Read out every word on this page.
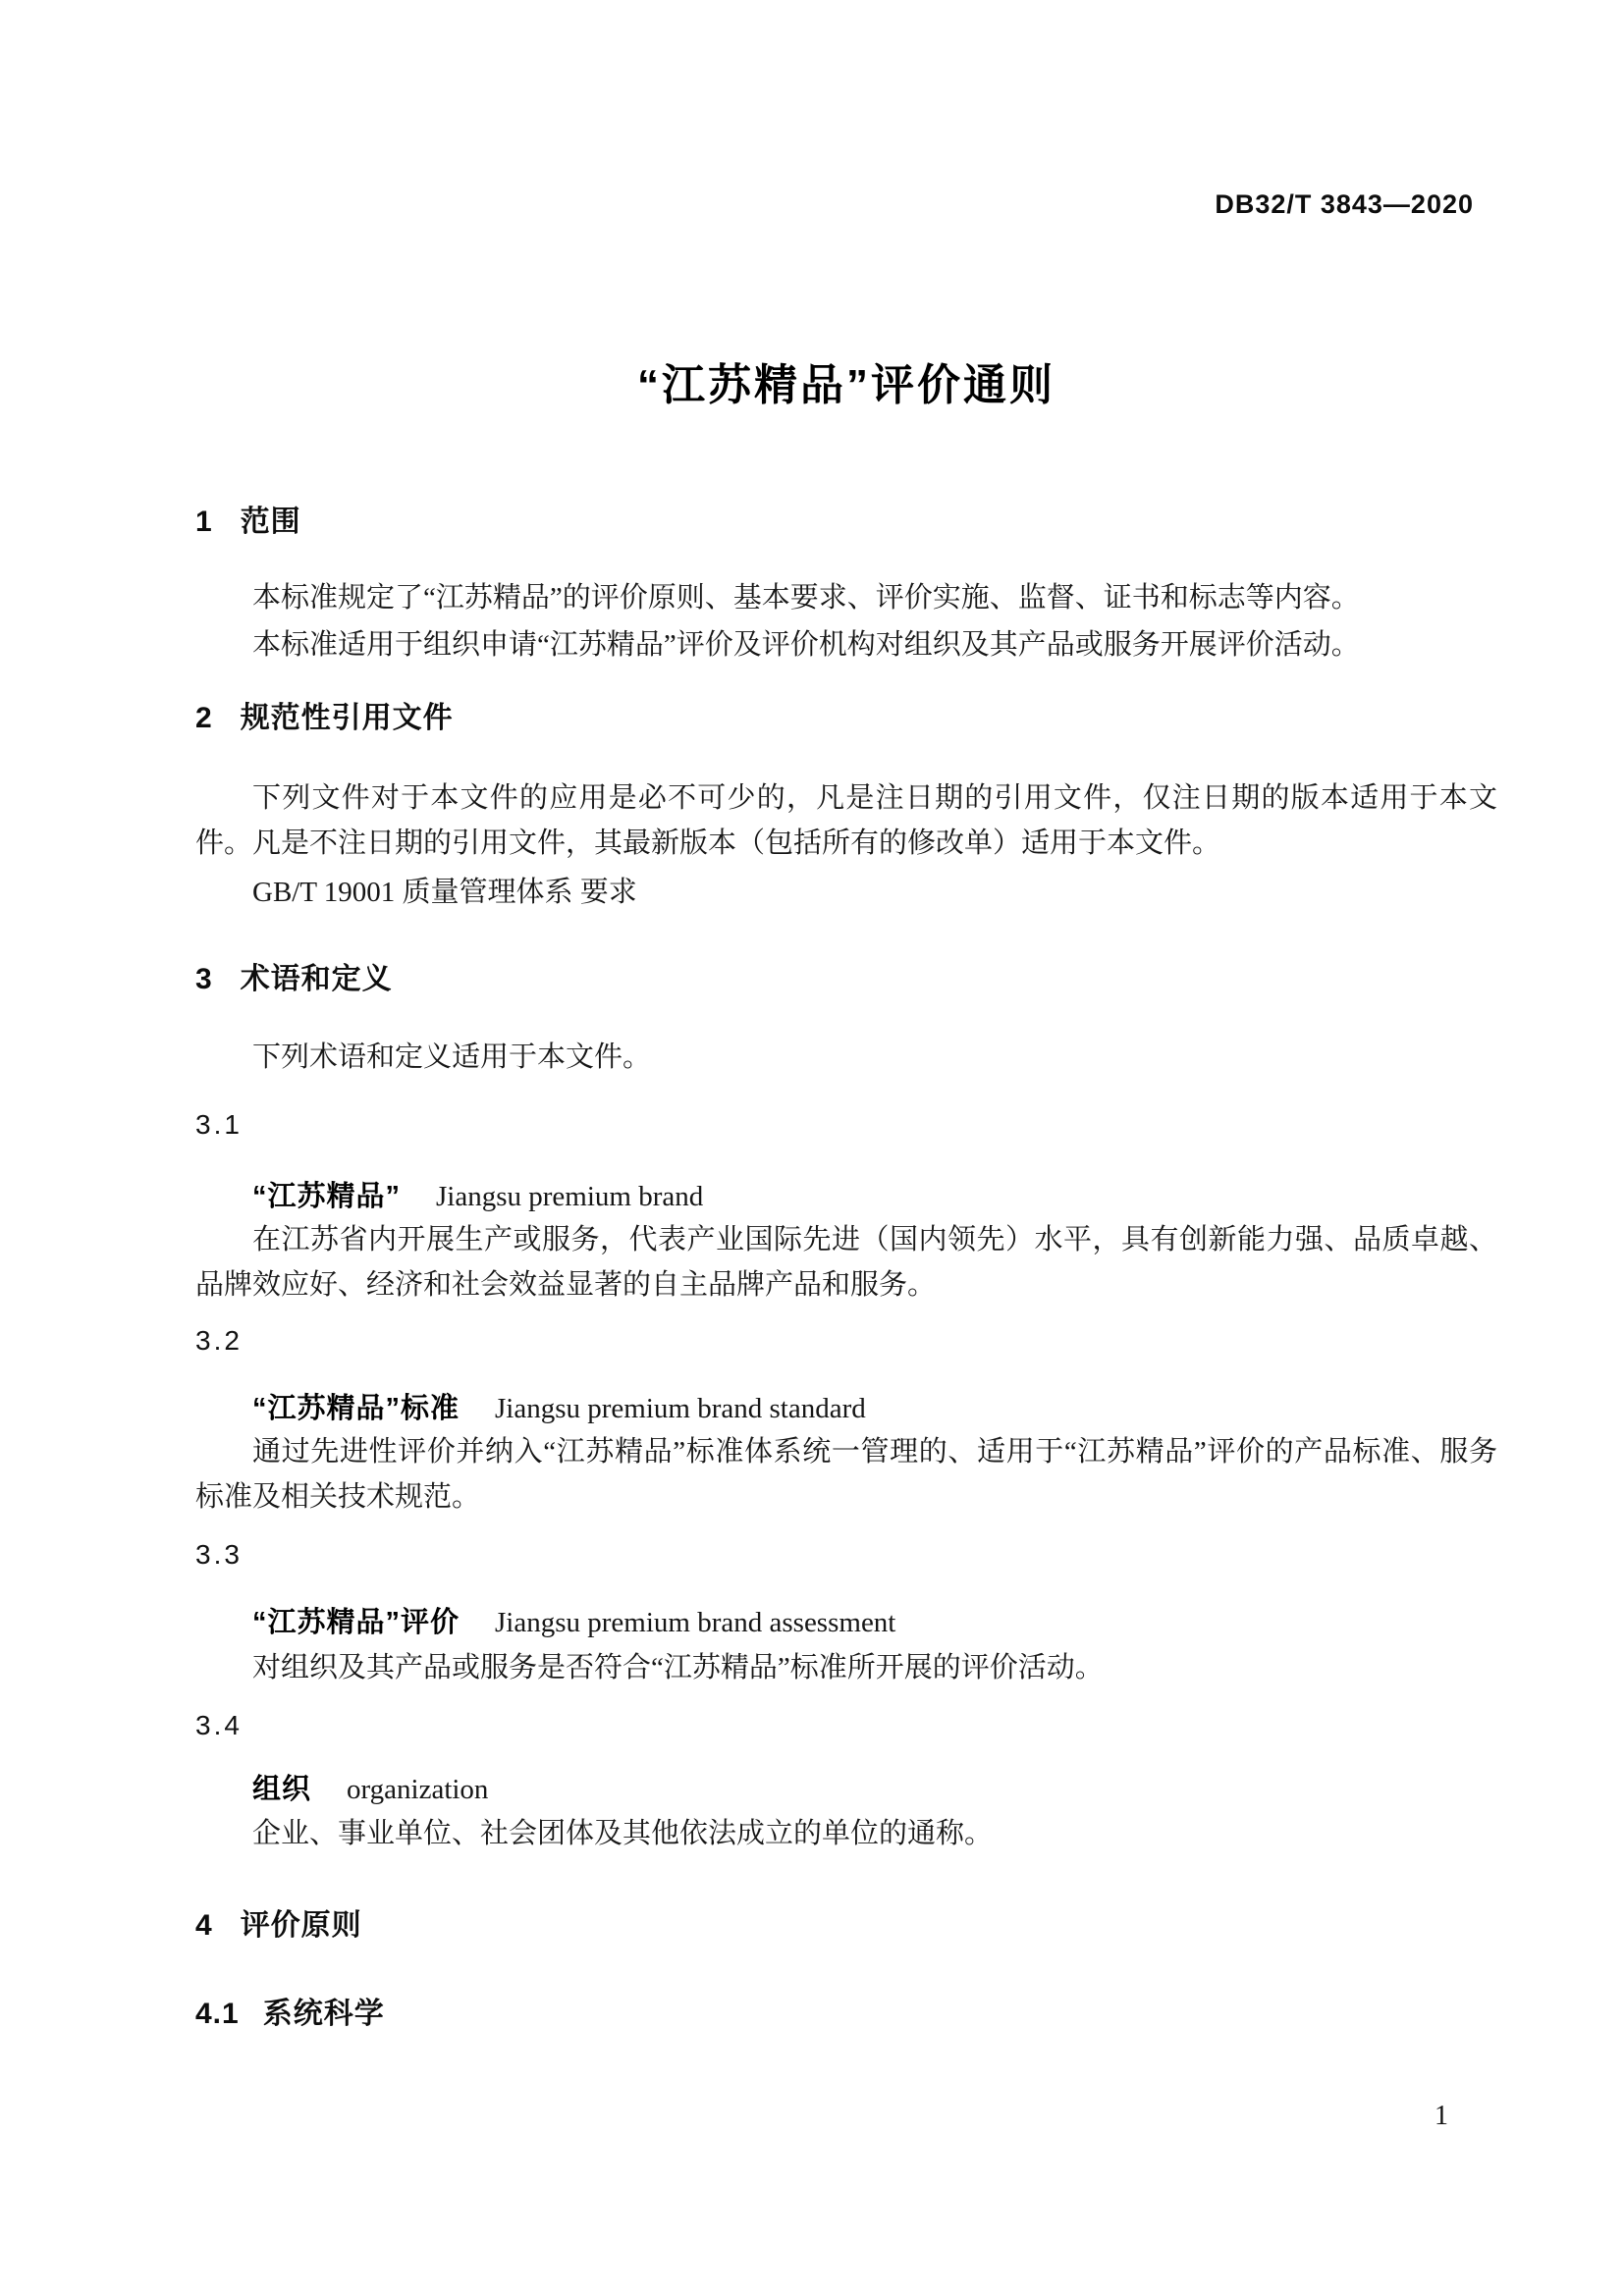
DB32/T 3843—2020
“江苏精品”评价通则
1 范围

本标准规定了“江苏精品”的评价原则、基本要求、评价实施、监督、证书和标志等内容。

本标准适用于组织申请“江苏精品”评价及评价机构对组织及其产品或服务开展评价活动。

2 规范性引用文件

下列文件对于本文件的应用是必不可少的，凡是注日期的引用文件，仅注日期的版本适用于本文件。凡是不注日期的引用文件，其最新版本（包括所有的修改单）适用于本文件。

GB/T 19001 质量管理体系 要求

3 术语和定义

下列术语和定义适用于本文件。

3.1
“江苏精品” Jiangsu premium brand

在江苏省内开展生产或服务，代表产业国际先进（国内领先）水平，具有创新能力强、品质卓越、品牌效应好、经济和社会效益显著的自主品牌产品和服务。

3.2
“江苏精品”标准 Jiangsu premium brand standard

通过先进性评价并纳入“江苏精品”标准体系统一管理的、适用于“江苏精品”评价的产品标准、服务标准及相关技术规范。

3.3
“江苏精品”评价 Jiangsu premium brand assessment

对组织及其产品或服务是否符合“江苏精品”标准所开展的评价活动。

3.4
组织 organization

企业、事业单位、社会团体及其他依法成立的单位的通称。

4 评价原则
4.1 系统科学
1
